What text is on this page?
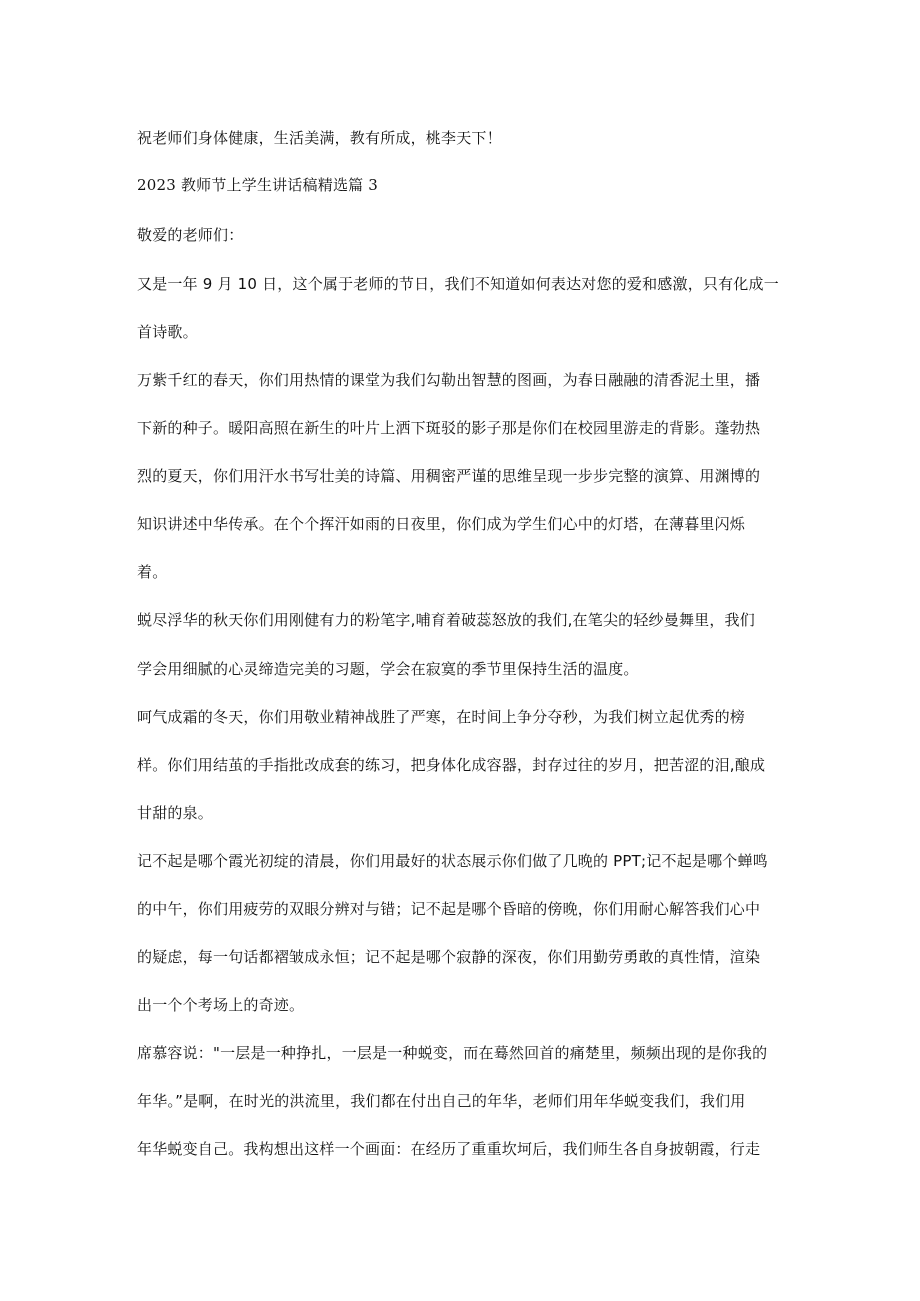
祝老师们身体健康，生活美满，教有所成，桃李天下！
2023 教师节上学生讲话稿精选篇 3
敬爱的老师们：
又是一年 9 月 10 日，这个属于老师的节日，我们不知道如何表达对您的爱和感激，只有化成一
首诗歌。
万紫千红的春天，你们用热情的课堂为我们勾勒出智慧的图画，为春日融融的清香泥土里，播
下新的种子。暖阳高照在新生的叶片上洒下斑驳的影子那是你们在校园里游走的背影。蓬勃热
烈的夏天，你们用汗水书写壮美的诗篇、用稠密严谨的思维呈现一步步完整的演算、用渊博的
知识讲述中华传承。在个个挥汗如雨的日夜里，你们成为学生们心中的灯塔，在薄暮里闪烁
着。
蜕尽浮华的秋天你们用刚健有力的粉笔字,哺育着破蕊怒放的我们,在笔尖的轻纱曼舞里，我们
学会用细腻的心灵缔造完美的习题，学会在寂寞的季节里保持生活的温度。
呵气成霜的冬天，你们用敬业精神战胜了严寒，在时间上争分夺秒，为我们树立起优秀的榜
样。你们用结茧的手指批改成套的练习，把身体化成容器，封存过往的岁月，把苦涩的泪,酿成
甘甜的泉。
记不起是哪个霞光初绽的清晨，你们用最好的状态展示你们做了几晚的 PPT;记不起是哪个蝉鸣
的中午，你们用疲劳的双眼分辨对与错；记不起是哪个昏暗的傍晚，你们用耐心解答我们心中
的疑虑，每一句话都褶皱成永恒；记不起是哪个寂静的深夜，你们用勤劳勇敢的真性情，渲染
出一个个考场上的奇迹。
席慕容说："一层是一种挣扎，一层是一种蜕变，而在蓦然回首的痛楚里，频频出现的是你我的
年华。”是啊，在时光的洪流里，我们都在付出自己的年华，老师们用年华蜕变我们，我们用
年华蜕变自己。我构想出这样一个画面：在经历了重重坎坷后，我们师生各自身披朝霞，行走
